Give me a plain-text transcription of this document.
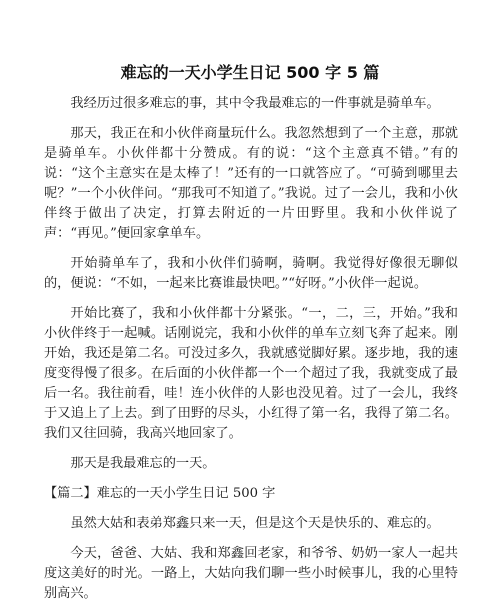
难忘的一天小学生日记 500 字 5 篇

我经历过很多难忘的事，其中令我最难忘的一件事就是骑单车。

那天，我正在和小伙伴商量玩什么。我忽然想到了一个主意，那就是骑单车。小伙伴都十分赞成。有的说：“这个主意真不错。”有的说：“这个主意实在是太棒了！”还有的一口就答应了。“可骑到哪里去呢？”一个小伙伴问。“那我可不知道了。”我说。过了一会儿，我和小伙伴终于做出了决定，打算去附近的一片田野里。我和小伙伴说了声：“再见。”便回家拿单车。

开始骑单车了，我和小伙伴们骑啊，骑啊。我觉得好像很无聊似的，便说：“不如，一起来比赛谁最快吧。”“好呀。”小伙伴一起说。

开始比赛了，我和小伙伴都十分紧张。“一，二，三，开始。”我和小伙伴终于一起喊。话刚说完，我和小伙伴的单车立刻飞奔了起来。刚开始，我还是第二名。可没过多久，我就感觉脚好累。逐步地，我的速度变得慢了很多。在后面的小伙伴都一个一个超过了我，我就变成了最后一名。我往前看，哇！连小伙伴的人影也没见着。过了一会儿，我终于又追上了上去。到了田野的尽头，小红得了第一名，我得了第二名。我们又往回骑，我高兴地回家了。

那天是我最难忘的一天。

【篇二】难忘的一天小学生日记 500 字

虽然大姑和表弟郑鑫只来一天，但是这个天是快乐的、难忘的。

今天，爸爸、大姑、我和郑鑫回老家，和爷爷、奶奶一家人一起共度这美好的时光。一路上，大姑向我们聊一些小时候事儿，我的心里特别高兴。
